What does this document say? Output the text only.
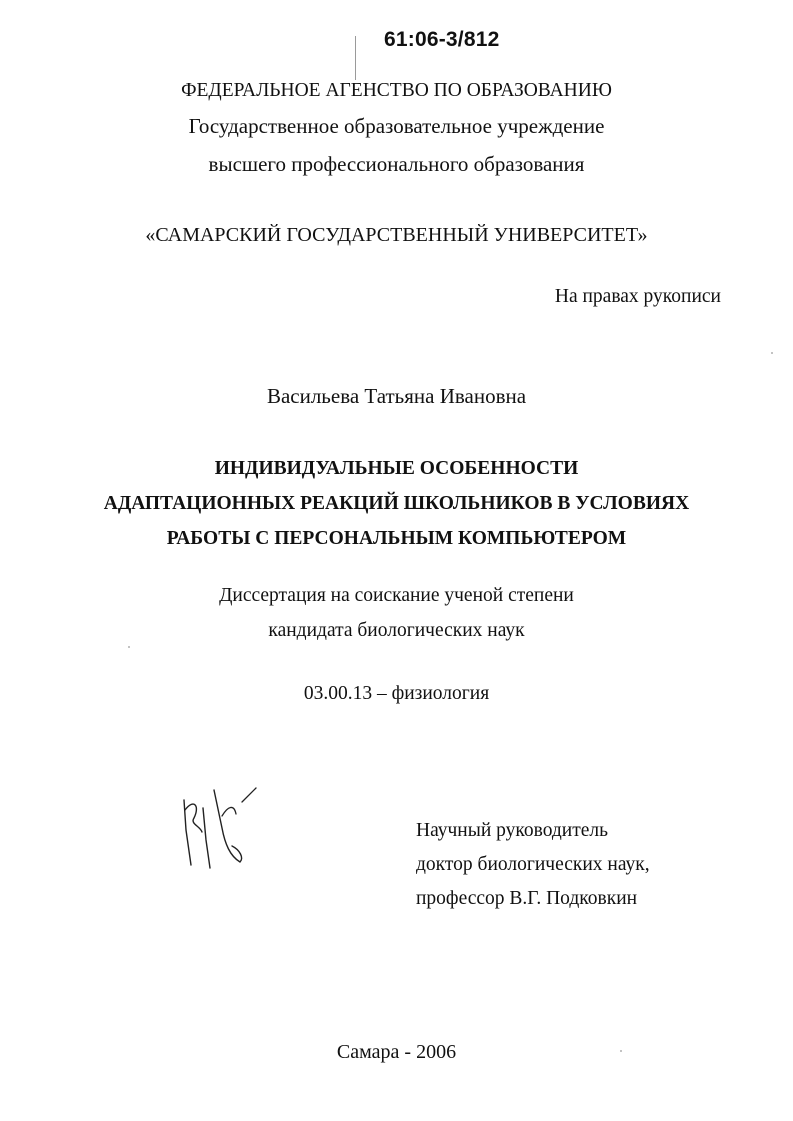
61:06-3/812
ФЕДЕРАЛЬНОЕ АГЕНСТВО ПО ОБРАЗОВАНИЮ
Государственное образовательное учреждение
высшего профессионального образования
«САМАРСКИЙ ГОСУДАРСТВЕННЫЙ УНИВЕРСИТЕТ»
На правах рукописи
Васильева Татьяна Ивановна
ИНДИВИДУАЛЬНЫЕ ОСОБЕННОСТИ
АДАПТАЦИОННЫХ РЕАКЦИЙ ШКОЛЬНИКОВ В УСЛОВИЯХ
РАБОТЫ С ПЕРСОНАЛЬНЫМ КОМПЬЮТЕРОМ
Диссертация на соискание ученой степени
кандидата биологических наук
03.00.13 – физиология
Научный руководитель
доктор биологических наук,
профессор В.Г. Подковкин
Самара - 2006
